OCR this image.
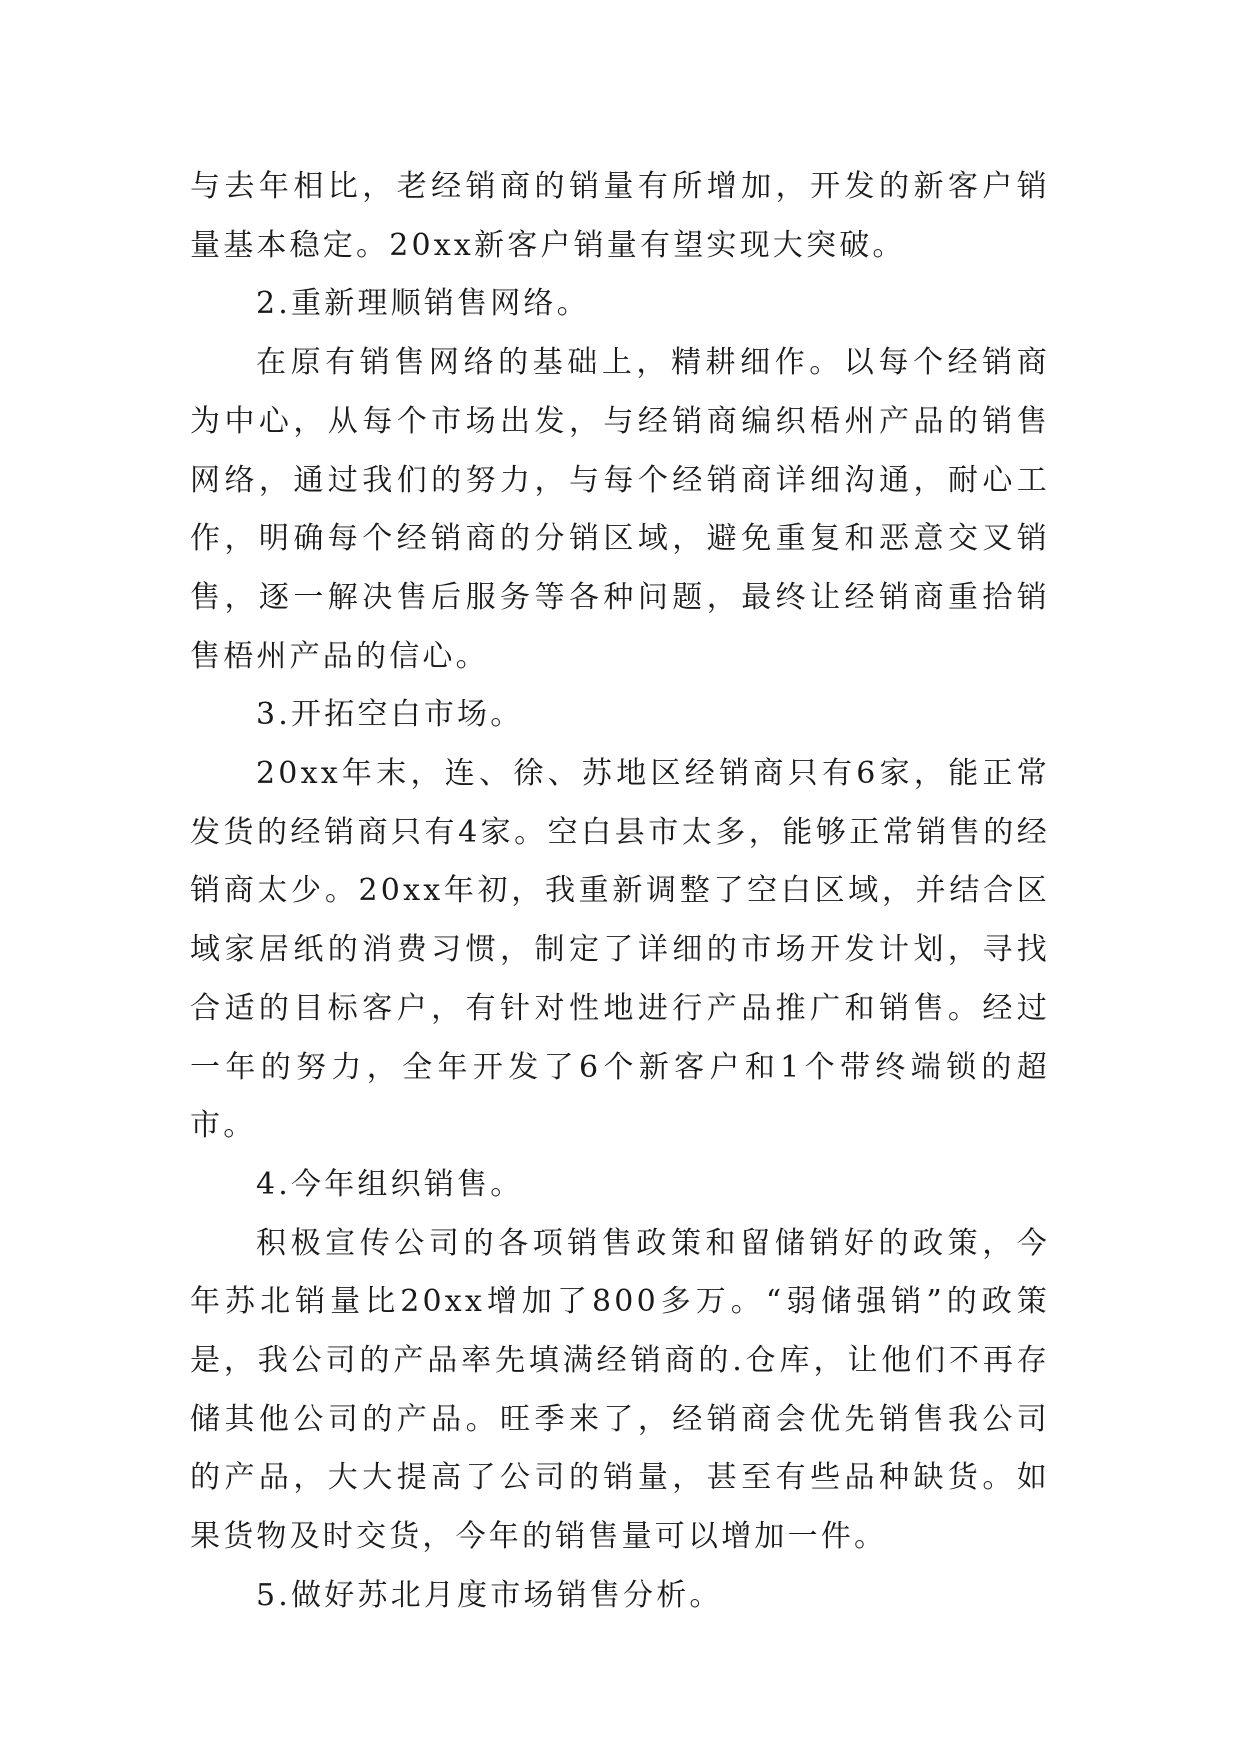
与去年相比，老经销商的销量有所增加，开发的新客户销量基本稳定。20xx新客户销量有望实现大突破。

2.重新理顺销售网络。

在原有销售网络的基础上，精耕细作。以每个经销商为中心，从每个市场出发，与经销商编织梧州产品的销售网络，通过我们的努力，与每个经销商详细沟通，耐心工作，明确每个经销商的分销区域，避免重复和恶意交叉销售，逐一解决售后服务等各种问题，最终让经销商重拾销售梧州产品的信心。

3.开拓空白市场。

20xx年末，连、徐、苏地区经销商只有6家，能正常发货的经销商只有4家。空白县市太多，能够正常销售的经销商太少。20xx年初，我重新调整了空白区域，并结合区域家居纸的消费习惯，制定了详细的市场开发计划，寻找合适的目标客户，有针对性地进行产品推广和销售。经过一年的努力，全年开发了6个新客户和1个带终端锁的超市。

4.今年组织销售。

积极宣传公司的各项销售政策和留储销好的政策，今年苏北销量比20xx增加了800多万。“弱储强销”的政策是，我公司的产品率先填满经销商的.仓库，让他们不再存储其他公司的产品。旺季来了，经销商会优先销售我公司的产品，大大提高了公司的销量，甚至有些品种缺货。如果货物及时交货，今年的销售量可以增加一件。

5.做好苏北月度市场销售分析。
